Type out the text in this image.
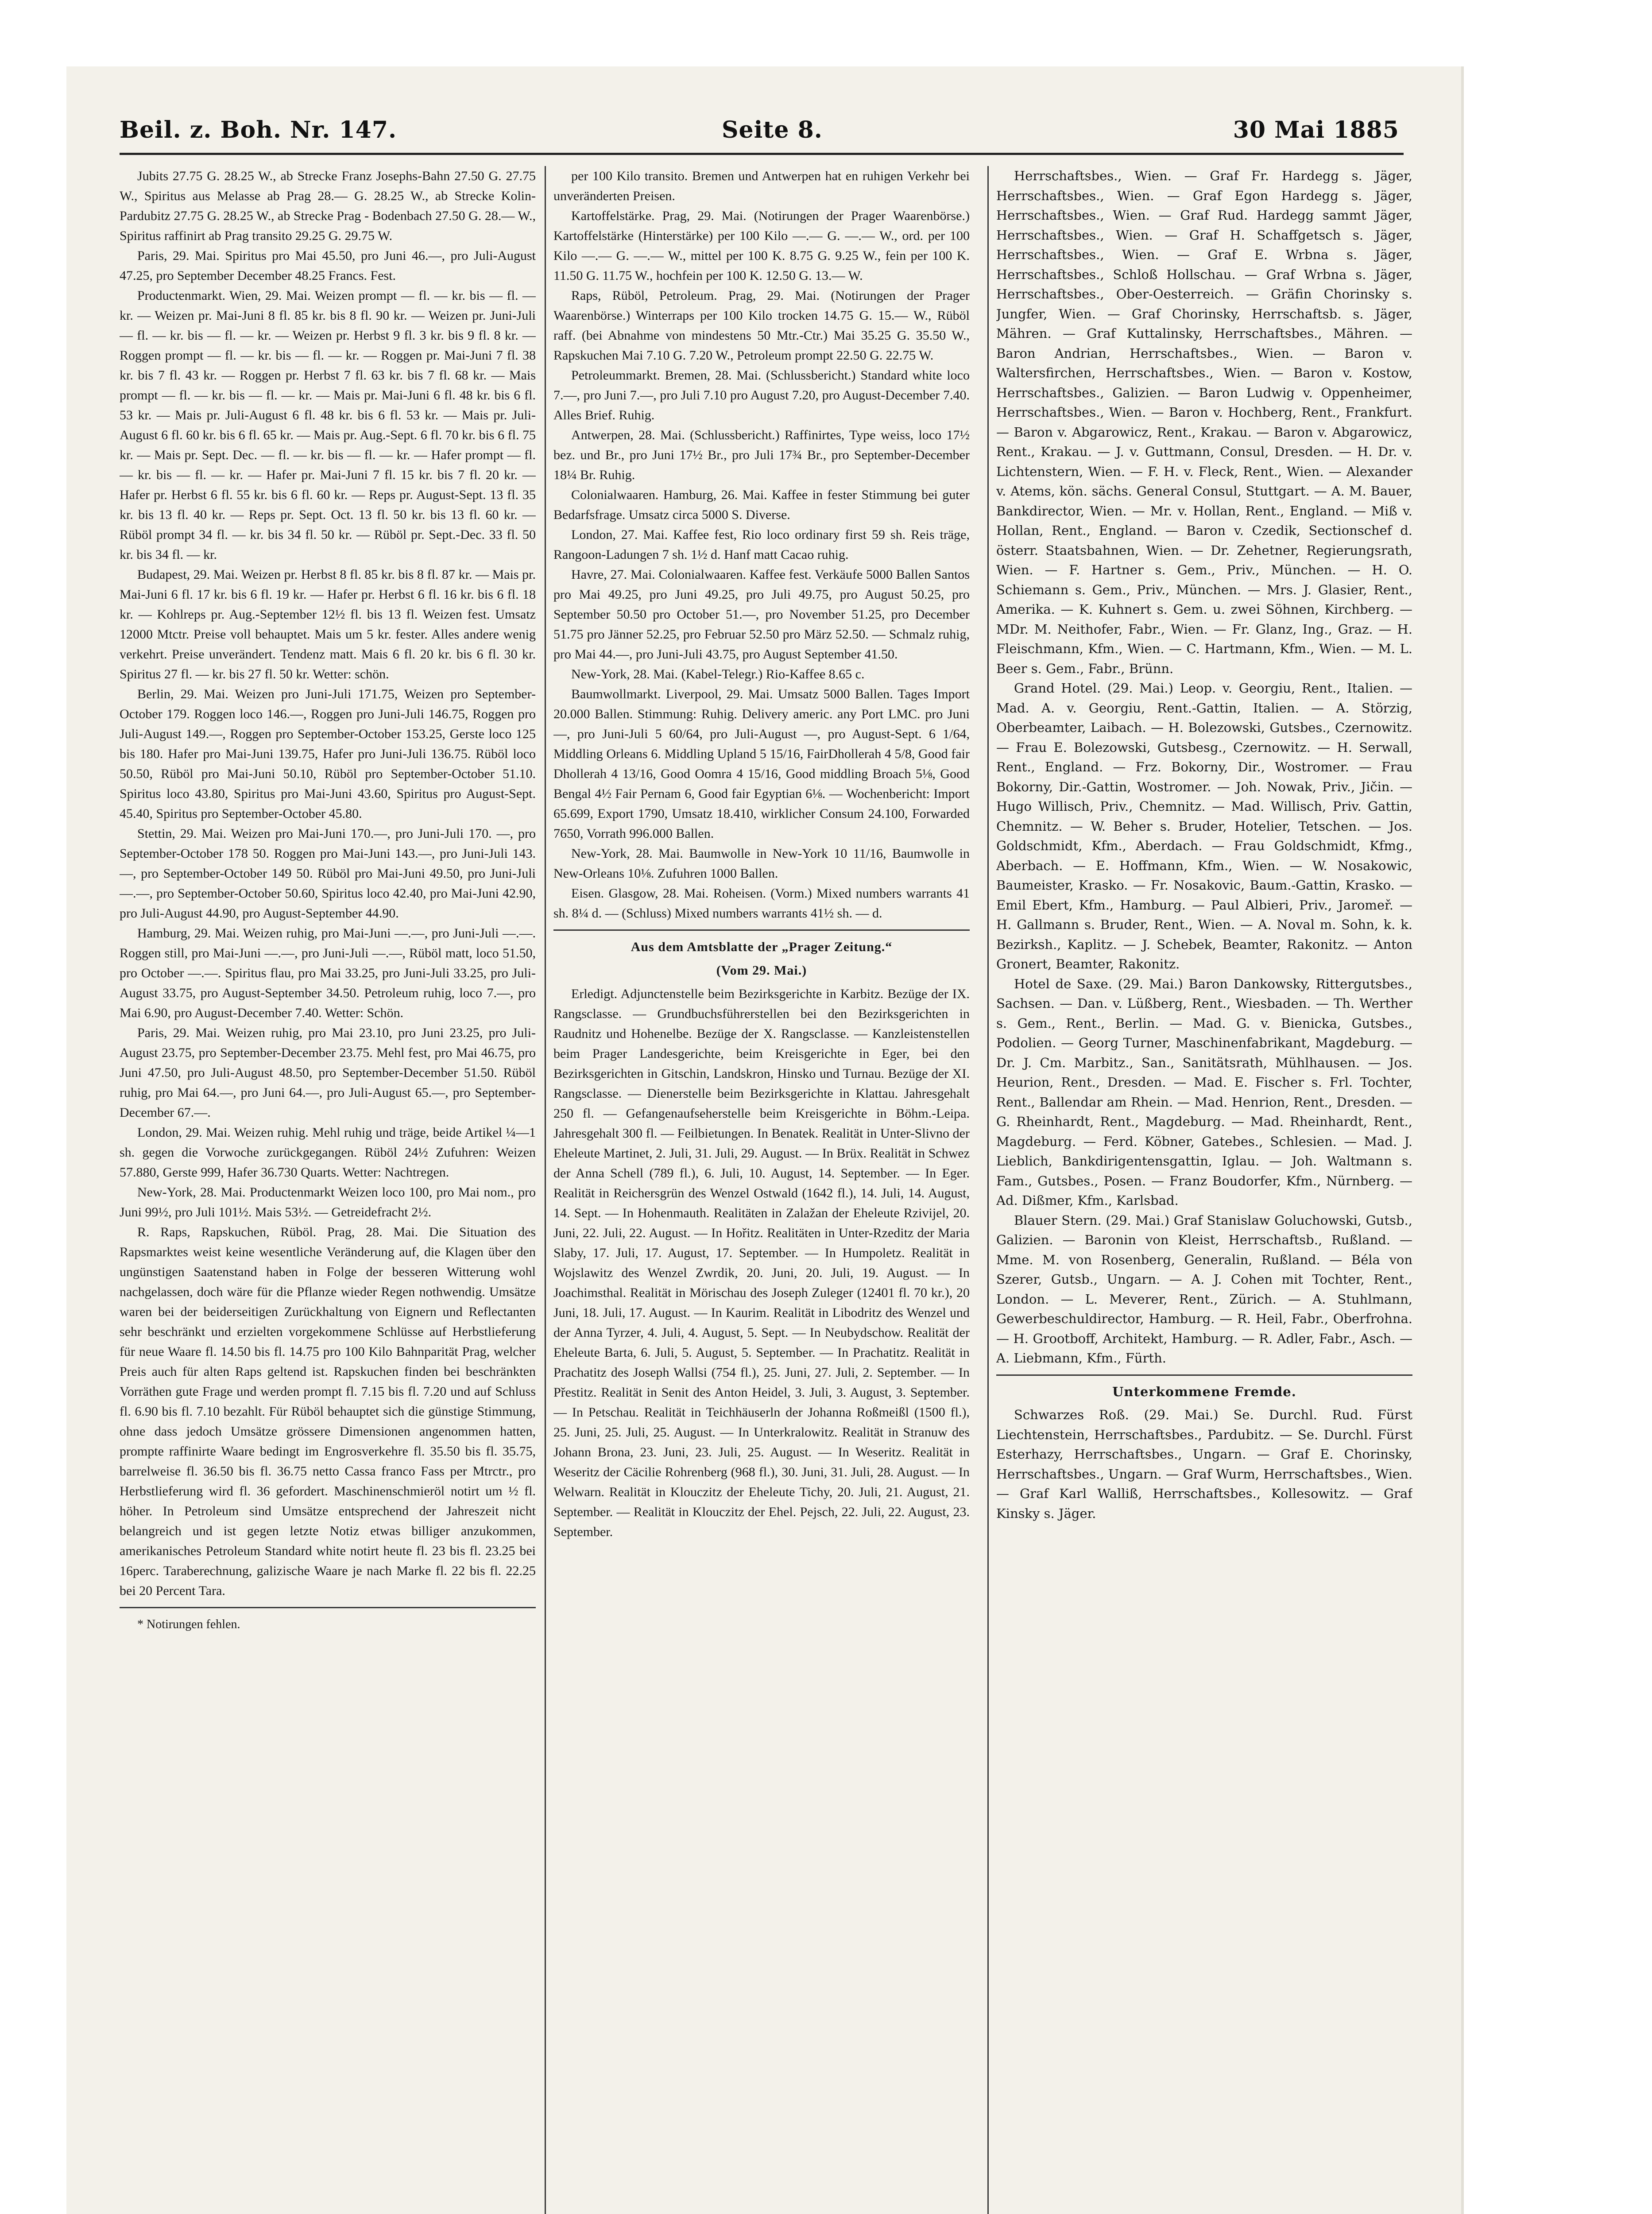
Beil. z. Boh. Nr. 147.	Seite 8.	30 Mai 1885

Jubits 27.75 G. 28.25 W., ab Strecke Franz Josephs-Bahn 27.50 G. 27.75 W., Spiritus aus Melasse ab Prag 28.— G. 28.25 W., ab Strecke Kolin-Pardubitz 27.75 G. 28.25 W., ab Strecke Prag - Bodenbach 27.50 G. 28.— W., Spiritus raffinirt ab Prag transito 29.25 G. 29.75 W.

Paris, 29. Mai. Spiritus pro Mai 45.50, pro Juni 46.—, pro Juli-August 47.25, pro September December 48.25 Francs. Fest.

Productenmarkt. Wien, 29. Mai. Weizen prompt — fl. — kr. bis — fl. — kr. — Weizen pr. Mai-Juni 8 fl. 85 kr. bis 8 fl. 90 kr. — Weizen pr. Juni-Juli — fl. — kr. bis — fl. — kr. — Weizen pr. Herbst 9 fl. 3 kr. bis 9 fl. 8 kr. — Roggen prompt — fl. — kr. bis — fl. — kr. — Roggen pr. Mai-Juni 7 fl. 38 kr. bis 7 fl. 43 kr. — Roggen pr. Herbst 7 fl. 63 kr. bis 7 fl. 68 kr. — Mais prompt — fl. — kr. bis — fl. — kr. — Mais pr. Mai-Juni 6 fl. 48 kr. bis 6 fl. 53 kr. — Mais pr. Juli-August 6 fl. 48 kr. bis 6 fl. 53 kr. — Mais pr. Juli-August 6 fl. 60 kr. bis 6 fl. 65 kr. — Mais pr. Aug.-Sept. 6 fl. 70 kr. bis 6 fl. 75 kr. — Mais pr. Sept. Dec. — fl. — kr. bis — fl. — kr. — Hafer prompt — fl. — kr. bis — fl. — kr. — Hafer pr. Mai-Juni 7 fl. 15 kr. bis 7 fl. 20 kr. — Hafer pr. Herbst 6 fl. 55 kr. bis 6 fl. 60 kr. — Reps pr. August-Sept. 13 fl. 35 kr. bis 13 fl. 40 kr. — Reps pr. Sept. Oct. 13 fl. 50 kr. bis 13 fl. 60 kr. — Rüböl prompt 34 fl. — kr. bis 34 fl. 50 kr. — Rüböl pr. Sept.-Dec. 33 fl. 50 kr. bis 34 fl. — kr.

Budapest, 29. Mai. Weizen pr. Herbst 8 fl. 85 kr. bis 8 fl. 87 kr. — Mais pr. Mai-Juni 6 fl. 17 kr. bis 6 fl. 19 kr. — Hafer pr. Herbst 6 fl. 16 kr. bis 6 fl. 18 kr. — Kohlreps pr. Aug.-September 12½ fl. bis 13 fl. Weizen fest. Umsatz 12000 Mtctr. Preise voll behauptet. Mais um 5 kr. fester. Alles andere wenig verkehrt. Preise unverändert. Tendenz matt. Mais 6 fl. 20 kr. bis 6 fl. 30 kr. Spiritus 27 fl. — kr. bis 27 fl. 50 kr. Wetter: schön.

Berlin, 29. Mai. Weizen pro Juni-Juli 171.75, Weizen pro September-October 179. Roggen loco 146.—, Roggen pro Juni-Juli 146.75, Roggen pro Juli-August 149.—, Roggen pro September-October 153.25, Gerste loco 125 bis 180. Hafer pro Mai-Juni 139.75, Hafer pro Juni-Juli 136.75. Rüböl loco 50.50, Rüböl pro Mai-Juni 50.10, Rüböl pro September-October 51.10. Spiritus loco 43.80, Spiritus pro Mai-Juni 43.60, Spiritus pro August-Sept. 45.40, Spiritus pro September-October 45.80.

Stettin, 29. Mai. Weizen pro Mai-Juni 170.—, pro Juni-Juli 170. —, pro September-October 178 50. Roggen pro Mai-Juni 143.—, pro Juni-Juli 143.—, pro September-October 149 50. Rüböl pro Mai-Juni 49.50, pro Juni-Juli —.—, pro September-October 50.60, Spiritus loco 42.40, pro Mai-Juni 42.90, pro Juli-August 44.90, pro August-September 44.90.

Hamburg, 29. Mai. Weizen ruhig, pro Mai-Juni —.—, pro Juni-Juli —.—. Roggen still, pro Mai-Juni —.—, pro Juni-Juli —.—, Rüböl matt, loco 51.50, pro October —.—. Spiritus flau, pro Mai 33.25, pro Juni-Juli 33.25, pro Juli-August 33.75, pro August-September 34.50. Petroleum ruhig, loco 7.—, pro Mai 6.90, pro August-December 7.40. Wetter: Schön.

Paris, 29. Mai. Weizen ruhig, pro Mai 23.10, pro Juni 23.25, pro Juli-August 23.75, pro September-December 23.75. Mehl fest, pro Mai 46.75, pro Juni 47.50, pro Juli-August 48.50, pro September-December 51.50. Rüböl ruhig, pro Mai 64.—, pro Juni 64.—, pro Juli-August 65.—, pro September-December 67.—.

London, 29. Mai. Weizen ruhig. Mehl ruhig und träge, beide Artikel ¼—1 sh. gegen die Vorwoche zurückgegangen. Rüböl 24½ Zufuhren: Weizen 57.880, Gerste 999, Hafer 36.730 Quarts. Wetter: Nachtregen.

New-York, 28. Mai. Productenmarkt Weizen loco 100, pro Mai nom., pro Juni 99½, pro Juli 101½. Mais 53½. — Getreidefracht 2½.

R. Raps, Rapskuchen, Rüböl. Prag, 28. Mai. Die Situation des Rapsmarktes weist keine wesentliche Veränderung auf, die Klagen über den ungünstigen Saatenstand haben in Folge der besseren Witterung wohl nachgelassen, doch wäre für die Pflanze wieder Regen nothwendig. Umsätze waren bei der beiderseitigen Zurückhaltung von Eignern und Reflectanten sehr beschränkt und erzielten vorgekommene Schlüsse auf Herbstlieferung für neue Waare fl. 14.50 bis fl. 14.75 pro 100 Kilo Bahnparität Prag, welcher Preis auch für alten Raps geltend ist. Rapskuchen finden bei beschränkten Vorräthen gute Frage und werden prompt fl. 7.15 bis fl. 7.20 und auf Schluss fl. 6.90 bis fl. 7.10 bezahlt. Für Rüböl behauptet sich die günstige Stimmung, ohne dass jedoch Umsätze grössere Dimensionen angenommen hatten, prompte raffinirte Waare bedingt im Engrosverkehre fl. 35.50 bis fl. 35.75, barrelweise fl. 36.50 bis fl. 36.75 netto Cassa franco Fass per Mtrctr., pro Herbstlieferung wird fl. 36 gefordert. Maschinenschmieröl notirt um ½ fl. höher. In Petroleum sind Umsätze entsprechend der Jahreszeit nicht belangreich und ist gegen letzte Notiz etwas billiger anzukommen, amerikanisches Petroleum Standard white notirt heute fl. 23 bis fl. 23.25 bei 16perc. Taraberechnung, galizische Waare je nach Marke fl. 22 bis fl. 22.25 bei 20 Percent Tara.

* Notirungen fehlen.

per 100 Kilo transito. Bremen und Antwerpen hat en ruhigen Verkehr bei unveränderten Preisen.

Kartoffelstärke. Prag, 29. Mai. (Notirungen der Prager Waarenbörse.) Kartoffelstärke (Hinterstärke) per 100 Kilo —.— G. —.— W., ord. per 100 Kilo —.— G. —.— W., mittel per 100 K. 8.75 G. 9.25 W., fein per 100 K. 11.50 G. 11.75 W., hochfein per 100 K. 12.50 G. 13.— W.

Raps, Rüböl, Petroleum. Prag, 29. Mai. (Notirungen der Prager Waarenbörse.) Winterraps per 100 Kilo trocken 14.75 G. 15.— W., Rüböl raff. (bei Abnahme von mindestens 50 Mtr.-Ctr.) Mai 35.25 G. 35.50 W., Rapskuchen Mai 7.10 G. 7.20 W., Petroleum prompt 22.50 G. 22.75 W.

Petroleummarkt. Bremen, 28. Mai. (Schlussbericht.) Standard white loco 7.—, pro Juni 7.—, pro Juli 7.10 pro August 7.20, pro August-December 7.40. Alles Brief. Ruhig.

Antwerpen, 28. Mai. (Schlussbericht.) Raffinirtes, Type weiss, loco 17½ bez. und Br., pro Juni 17½ Br., pro Juli 17¾ Br., pro September-December 18¼ Br. Ruhig.

Colonialwaaren. Hamburg, 26. Mai. Kaffee in fester Stimmung bei guter Bedarfsfrage. Umsatz circa 5000 S. Diverse.

London, 27. Mai. Kaffee fest, Rio loco ordinary first 59 sh. Reis träge, Rangoon-Ladungen 7 sh. 1½ d. Hanf matt Cacao ruhig.

Havre, 27. Mai. Colonialwaaren. Kaffee fest. Verkäufe 5000 Ballen Santos pro Mai 49.25, pro Juni 49.25, pro Juli 49.75, pro August 50.25, pro September 50.50 pro October 51.—, pro November 51.25, pro December 51.75 pro Jänner 52.25, pro Februar 52.50 pro März 52.50. — Schmalz ruhig, pro Mai 44.—, pro Juni-Juli 43.75, pro August September 41.50.

New-York, 28. Mai. (Kabel-Telegr.) Rio-Kaffee 8.65 c.

Baumwollmarkt. Liverpool, 29. Mai. Umsatz 5000 Ballen. Tages Import 20.000 Ballen. Stimmung: Ruhig. Delivery americ. any Port LMC. pro Juni —, pro Juni-Juli 5 60/64, pro Juli-August —, pro August-Sept. 6 1/64, Middling Orleans 6. Middling Upland 5 15/16, FairDhollerah 4 5/8, Good fair Dhollerah 4 13/16, Good Oomra 4 15/16, Good middling Broach 5⅛, Good Bengal 4½ Fair Pernam 6, Good fair Egyptian 6⅛. — Wochenbericht: Import 65.699, Export 1790, Umsatz 18.410, wirklicher Consum 24.100, Forwarded 7650, Vorrath 996.000 Ballen.

New-York, 28. Mai. Baumwolle in New-York 10 11/16, Baumwolle in New-Orleans 10⅛. Zufuhren 1000 Ballen.

Eisen. Glasgow, 28. Mai. Roheisen. (Vorm.) Mixed numbers warrants 41 sh. 8¼ d. — (Schluss) Mixed numbers warrants 41½ sh. — d.

Aus dem Amtsblatte der „Prager Zeitung.“

(Vom 29. Mai.)

Erledigt. Adjunctenstelle beim Bezirksgerichte in Karbitz. Bezüge der IX. Rangsclasse. — Grundbuchsführerstellen bei den Bezirksgerichten in Raudnitz und Hohenelbe. Bezüge der X. Rangsclasse. — Kanzleistenstellen beim Prager Landesgerichte, beim Kreisgerichte in Eger, bei den Bezirksgerichten in Gitschin, Landskron, Hinsko und Turnau. Bezüge der XI. Rangsclasse. — Dienerstelle beim Bezirksgerichte in Klattau. Jahresgehalt 250 fl. — Gefangenaufseherstelle beim Kreisgerichte in Böhm.-Leipa. Jahresgehalt 300 fl. — Feilbietungen. In Benatek. Realität in Unter-Slivno der Eheleute Martinet, 2. Juli, 31. Juli, 29. August. — In Brüx. Realität in Schwez der Anna Schell (789 fl.), 6. Juli, 10. August, 14. September. — In Eger. Realität in Reichersgrün des Wenzel Ostwald (1642 fl.), 14. Juli, 14. August, 14. Sept. — In Hohenmauth. Realitäten in Zalažan der Eheleute Rzivijel, 20. Juni, 22. Juli, 22. August. — In Hořitz. Realitäten in Unter-Rzeditz der Maria Slaby, 17. Juli, 17. August, 17. September. — In Humpoletz. Realität in Wojslawitz des Wenzel Zwrdik, 20. Juni, 20. Juli, 19. August. — In Joachimsthal. Realität in Mörischau des Joseph Zuleger (12401 fl. 70 kr.), 20 Juni, 18. Juli, 17. August. — In Kaurim. Realität in Libodritz des Wenzel und der Anna Tyrzer, 4. Juli, 4. August, 5. Sept. — In Neubydschow. Realität der Eheleute Barta, 6. Juli, 5. August, 5. September. — In Prachatitz. Realität in Prachatitz des Joseph Wallsi (754 fl.), 25. Juni, 27. Juli, 2. September. — In Přestitz. Realität in Senit des Anton Heidel, 3. Juli, 3. August, 3. September. — In Petschau. Realität in Teichhäuserln der Johanna Roßmeißl (1500 fl.), 25. Juni, 25. Juli, 25. August. — In Unterkralowitz. Realität in Stranuw des Johann Brona, 23. Juni, 23. Juli, 25. August. — In Weseritz. Realität in Weseritz der Cäcilie Rohrenberg (968 fl.), 30. Juni, 31. Juli, 28. August. — In Welwarn. Realität in Klouczitz der Eheleute Tichy, 20. Juli, 21. August, 21. September. — Realität in Klouczitz der Ehel. Pejsch, 22. Juli, 22. August, 23. September.

Herrschaftsbes., Wien. — Graf Fr. Hardegg s. Jäger, Herrschaftsbes., Wien. — Graf Egon Hardegg s. Jäger, Herrschaftsbes., Wien. — Graf Rud. Hardegg sammt Jäger, Herrschaftsbes., Wien. — Graf H. Schaffgetsch s. Jäger, Herrschaftsbes., Wien. — Graf E. Wrbna s. Jäger, Herrschaftsbes., Schloß Hollschau. — Graf Wrbna s. Jäger, Herrschaftsbes., Ober-Oesterreich. — Gräfin Chorinsky s. Jungfer, Wien. — Graf Chorinsky, Herrschaftsb. s. Jäger, Mähren. — Graf Kuttalinsky, Herrschaftsbes., Mähren. — Baron Andrian, Herrschaftsbes., Wien. — Baron v. Waltersfirchen, Herrschaftsbes., Wien. — Baron v. Kostow, Herrschaftsbes., Galizien. — Baron Ludwig v. Oppenheimer, Herrschaftsbes., Wien. — Baron v. Hochberg, Rent., Frankfurt. — Baron v. Abgarowicz, Rent., Krakau. — Baron v. Abgarowicz, Rent., Krakau. — J. v. Guttmann, Consul, Dresden. — H. Dr. v. Lichtenstern, Wien. — F. H. v. Fleck, Rent., Wien. — Alexander v. Atems, kön. sächs. General Consul, Stuttgart. — A. M. Bauer, Bankdirector, Wien. — Mr. v. Hollan, Rent., England. — Miß v. Hollan, Rent., England. — Baron v. Czedik, Sectionschef d. österr. Staatsbahnen, Wien. — Dr. Zehetner, Regierungsrath, Wien. — F. Hartner s. Gem., Priv., München. — H. O. Schiemann s. Gem., Priv., München. — Mrs. J. Glasier, Rent., Amerika. — K. Kuhnert s. Gem. u. zwei Söhnen, Kirchberg. — MDr. M. Neithofer, Fabr., Wien. — Fr. Glanz, Ing., Graz. — H. Fleischmann, Kfm., Wien. — C. Hartmann, Kfm., Wien. — M. L. Beer s. Gem., Fabr., Brünn.

Grand Hotel. (29. Mai.) Leop. v. Georgiu, Rent., Italien. — Mad. A. v. Georgiu, Rent.-Gattin, Italien. — A. Störzig, Oberbeamter, Laibach. — H. Bolezowski, Gutsbes., Czernowitz. — Frau E. Bolezowski, Gutsbesg., Czernowitz. — H. Serwall, Rent., England. — Frz. Bokorny, Dir., Wostromer. — Frau Bokorny, Dir.-Gattin, Wostromer. — Joh. Nowak, Priv., Jičin. — Hugo Willisch, Priv., Chemnitz. — Mad. Willisch, Priv. Gattin, Chemnitz. — W. Beher s. Bruder, Hotelier, Tetschen. — Jos. Goldschmidt, Kfm., Aberdach. — Frau Goldschmidt, Kfmg., Aberbach. — E. Hoffmann, Kfm., Wien. — W. Nosakowic, Baumeister, Krasko. — Fr. Nosakovic, Baum.-Gattin, Krasko. — Emil Ebert, Kfm., Hamburg. — Paul Albieri, Priv., Jaromeř. — H. Gallmann s. Bruder, Rent., Wien. — A. Noval m. Sohn, k. k. Bezirksh., Kaplitz. — J. Schebek, Beamter, Rakonitz. — Anton Gronert, Beamter, Rakonitz.

Hotel de Saxe. (29. Mai.) Baron Dankowsky, Rittergutsbes., Sachsen. — Dan. v. Lüßberg, Rent., Wiesbaden. — Th. Werther s. Gem., Rent., Berlin. — Mad. G. v. Bienicka, Gutsbes., Podolien. — Georg Turner, Maschinenfabrikant, Magdeburg. — Dr. J. Cm. Marbitz., San., Sanitätsrath, Mühlhausen. — Jos. Heurion, Rent., Dresden. — Mad. E. Fischer s. Frl. Tochter, Rent., Ballendar am Rhein. — Mad. Henrion, Rent., Dresden. — G. Rheinhardt, Rent., Magdeburg. — Mad. Rheinhardt, Rent., Magdeburg. — Ferd. Köbner, Gatebes., Schlesien. — Mad. J. Lieblich, Bankdirigentensgattin, Iglau. — Joh. Waltmann s. Fam., Gutsbes., Posen. — Franz Boudorfer, Kfm., Nürnberg. — Ad. Dißmer, Kfm., Karlsbad.

Blauer Stern. (29. Mai.) Graf Stanislaw Goluchowski, Gutsb., Galizien. — Baronin von Kleist, Herrschaftsb., Rußland. — Mme. M. von Rosenberg, Generalin, Rußland. — Béla von Szerer, Gutsb., Ungarn. — A. J. Cohen mit Tochter, Rent., London. — L. Meverer, Rent., Zürich. — A. Stuhlmann, Gewerbeschuldirector, Hamburg. — R. Heil, Fabr., Oberfrohna. — H. Grootboff, Architekt, Hamburg. — R. Adler, Fabr., Asch. — A. Liebmann, Kfm., Fürth.

Unterkommene Fremde.

Schwarzes Roß. (29. Mai.) Se. Durchl. Rud. Fürst Liechtenstein, Herrschaftsbes., Pardubitz. — Se. Durchl. Fürst Esterhazy, Herrschaftsbes., Ungarn. — Graf E. Chorinsky, Herrschaftsbes., Ungarn. — Graf Wurm, Herrschaftsbes., Wien. — Graf Karl Walliß, Herrschaftsbes., Kollesowitz. — Graf Kinsky s. Jäger.
